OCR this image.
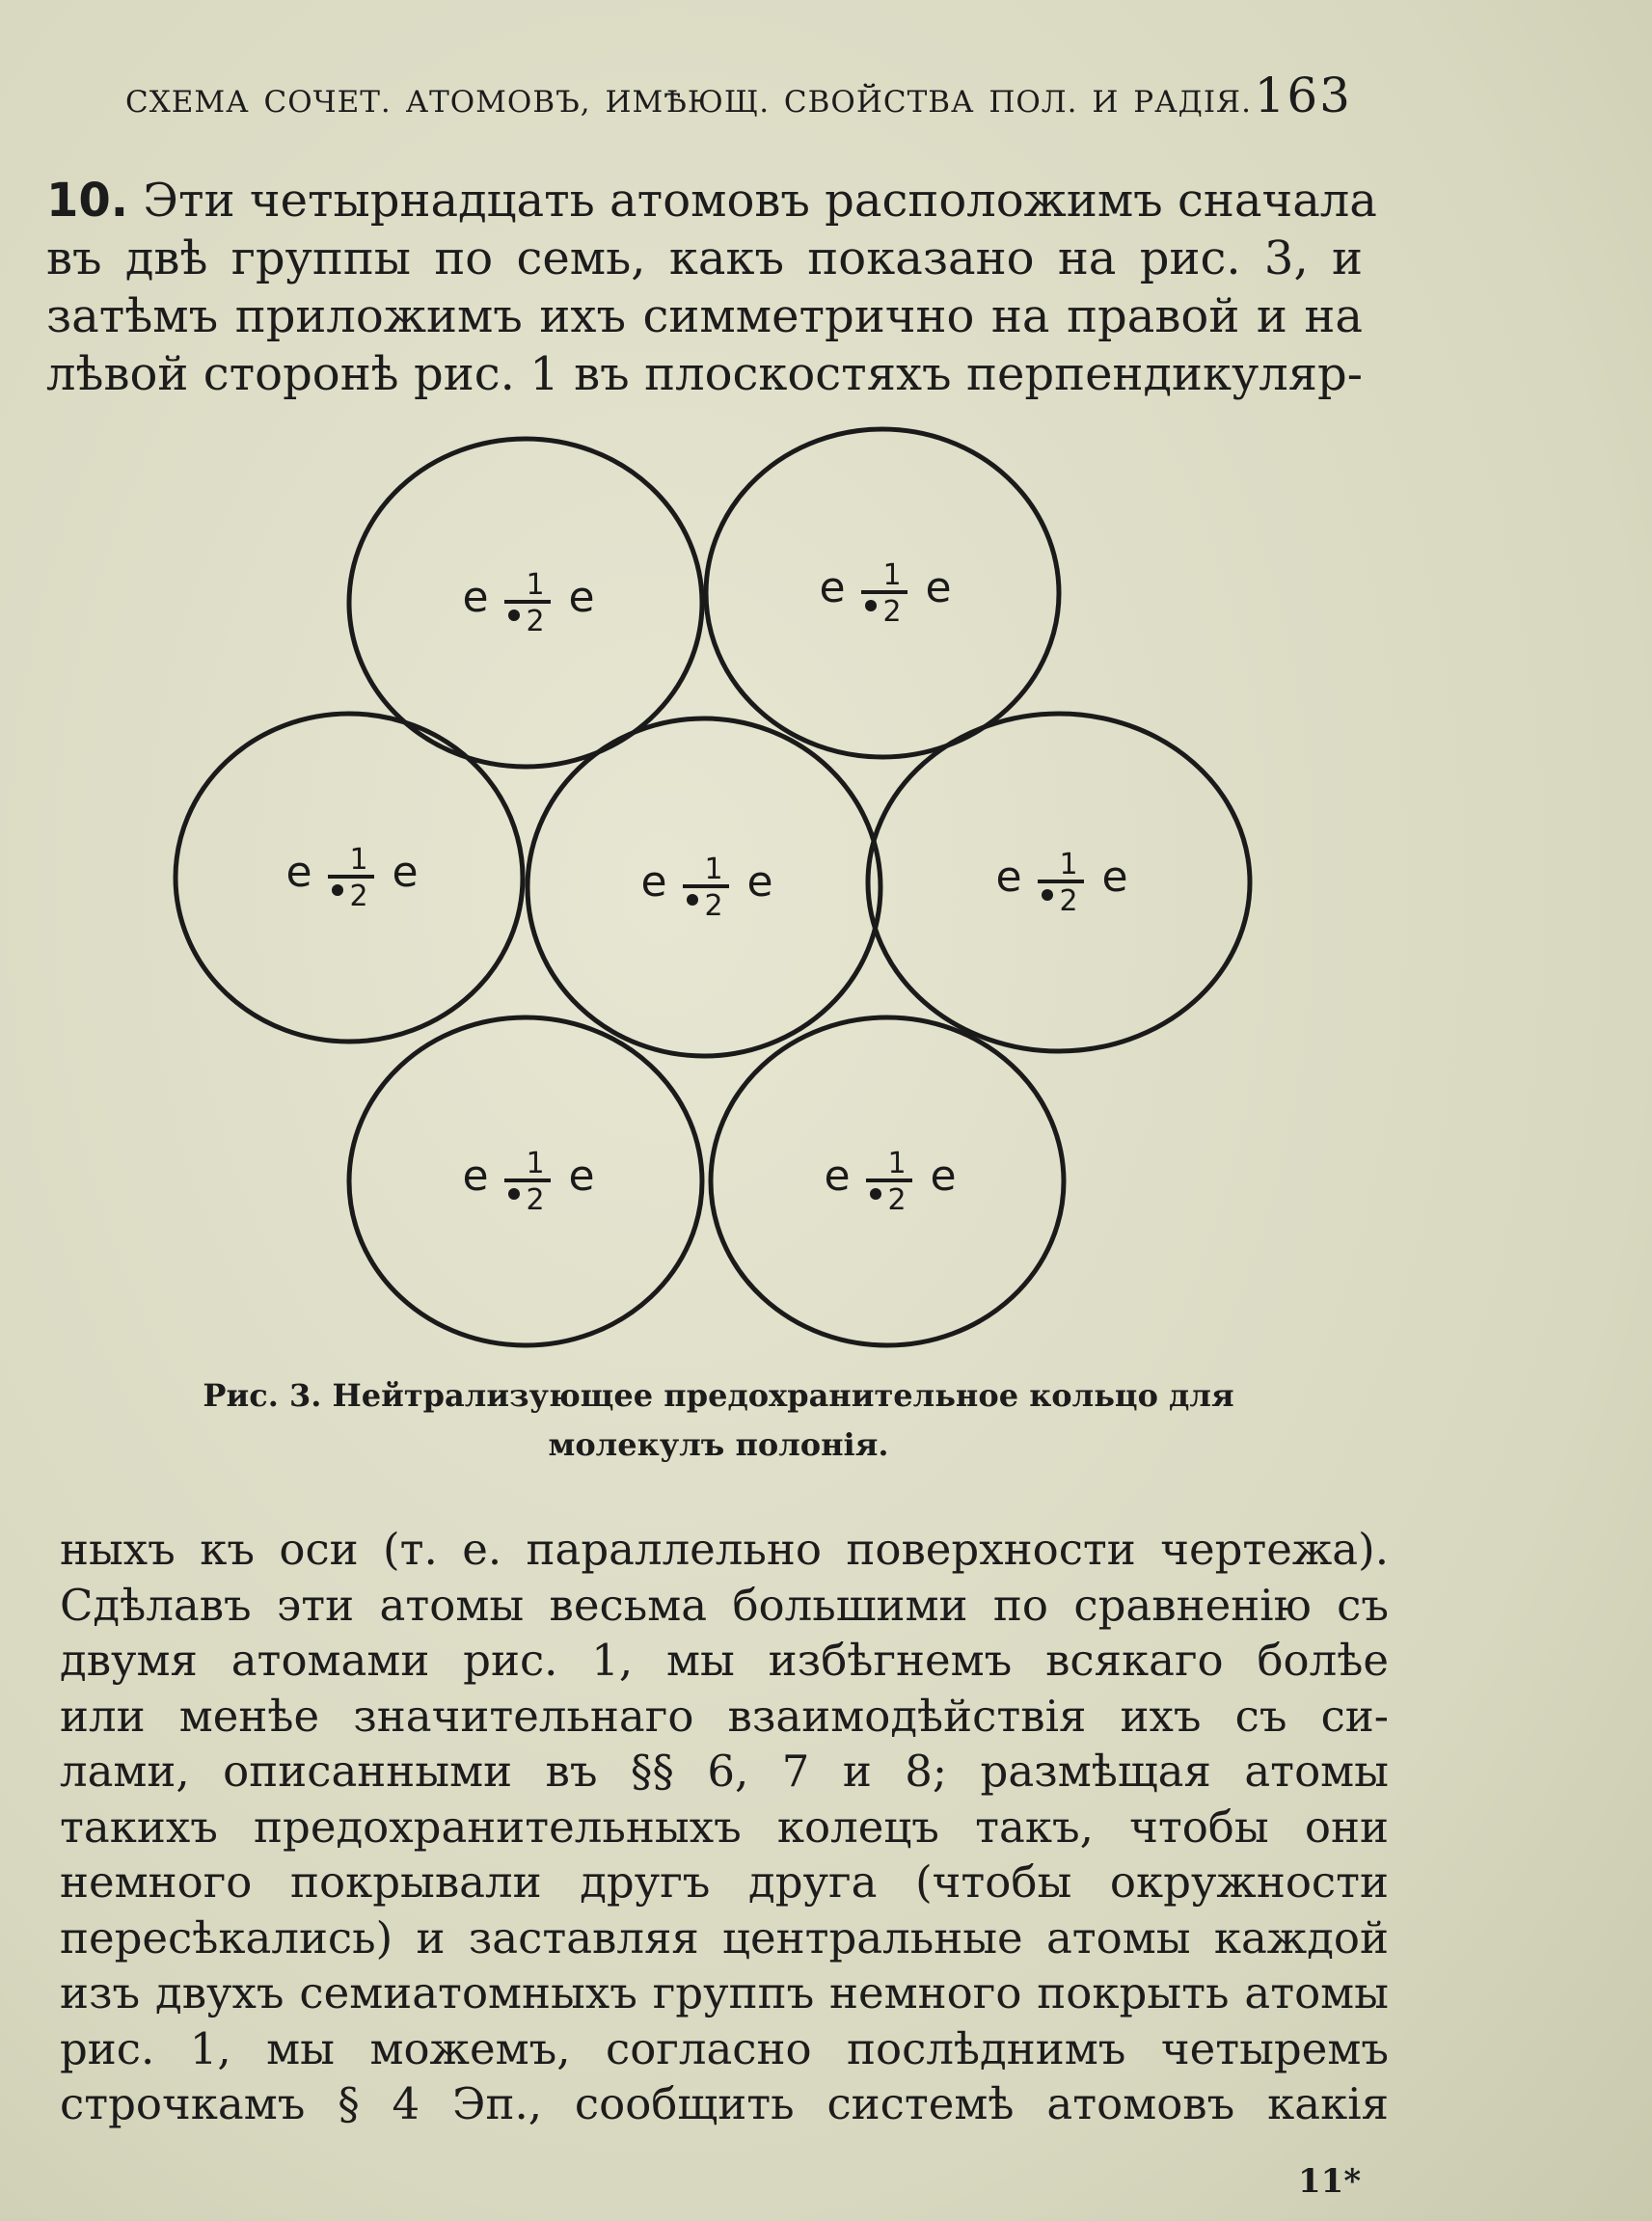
СХЕМА СОЧЕТ. АТОМОВЪ, ИМѢЮЩ. СВОЙСТВА ПОЛ. И РАДІЯ. 163
10. Эти четырнадцать атомовъ расположимъ сначала
въ двѣ группы по семь, какъ показано на рис. 3, и
затѣмъ приложимъ ихъ симметрично на правой и на
лѣвой сторонѣ рис. 1 въ плоскостяхъ перпендикуляр-
e e
1
2
e e
1
2
e e
1
2	e e
1
2
e e
1
2
e e
1
2	e e
1
2
Рис. 3. Нейтрализующее предохранительное кольцо для
молекулъ полонія.
ныхъ къ оси (т. е. параллельно поверхности чертежа).
Сдѣлавъ эти атомы весьма большими по сравненію съ
двумя атомами рис. 1, мы избѣгнемъ всякаго болѣе
или менѣе значительнаго взаимодѣйствія ихъ съ си-
лами, описанными въ §§ 6, 7 и 8; размѣщая атомы
такихъ предохранительныхъ колецъ такъ, чтобы они
немного покрывали другъ друга (чтобы окружности
пересѣкались) и заставляя центральные атомы каждой
изъ двухъ семиатомныхъ группъ немного покрыть атомы
рис. 1, мы можемъ, согласно послѣднимъ четыремъ
строчкамъ § 4 Эп., сообщить системѣ атомовъ какія
11*
